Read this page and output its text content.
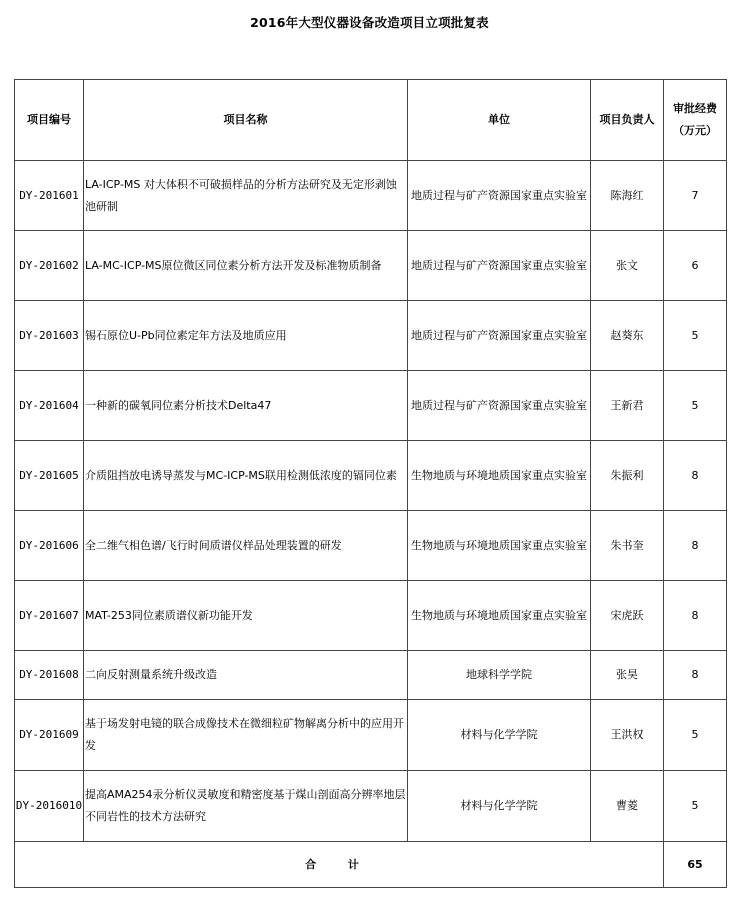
2016年大型仪器设备改造项目立项批复表
项目编号	项目名称	单位	项目负责人	审批经费
（万元）

DY-201601	LA-ICP-MS 对大体积不可破损样品的分析方法研究及无定形剥蚀池研制	地质过程与矿产资源国家重点实验室	陈海红	7
DY-201602	LA-MC-ICP-MS原位微区同位素分析方法开发及标准物质制备	地质过程与矿产资源国家重点实验室	张文	6
DY-201603	锡石原位U-Pb同位素定年方法及地质应用	地质过程与矿产资源国家重点实验室	赵葵东	5
DY-201604	一种新的碳氧同位素分析技术Delta47	地质过程与矿产资源国家重点实验室	王新君	5
DY-201605	介质阻挡放电诱导蒸发与MC-ICP-MS联用检测低浓度的镉同位素	生物地质与环境地质国家重点实验室	朱振利	8
DY-201606	全二维气相色谱/飞行时间质谱仪样品处理装置的研发	生物地质与环境地质国家重点实验室	朱书奎	8
DY-201607	MAT-253同位素质谱仪新功能开发	生物地质与环境地质国家重点实验室	宋虎跃	8
DY-201608	二向反射测量系统升级改造	地球科学学院	张昊	8
DY-201609	基于场发射电镜的联合成像技术在微细粒矿物解离分析中的应用开发	材料与化学学院	王洪权	5
DY-2016010	提高AMA254汞分析仪灵敏度和精密度基于煤山剖面高分辨率地层不同岩性的技术方法研究	材料与化学学院	曹菱	5
合 计				65
